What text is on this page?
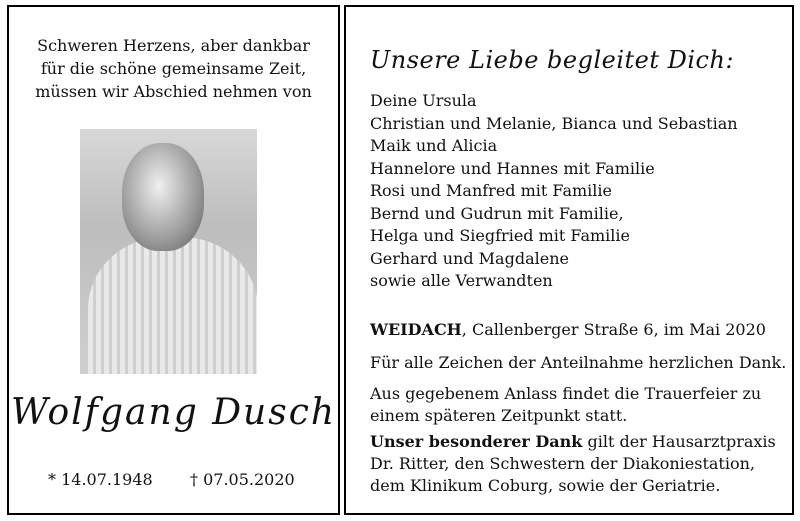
Schweren Herzens, aber dankbar
für die schöne gemeinsame Zeit,
müssen wir Abschied nehmen von
Wolfgang Dusch
* 14.07.1948 † 07.05.2020
Unsere Liebe begleitet Dich:
Deine Ursula
Christian und Melanie, Bianca und Sebastian
Maik und Alicia
Hannelore und Hannes mit Familie
Rosi und Manfred mit Familie
Bernd und Gudrun mit Familie,
Helga und Siegfried mit Familie
Gerhard und Magdalene
sowie alle Verwandten
WEIDACH, Callenberger Straße 6, im Mai 2020
Für alle Zeichen der Anteilnahme herzlichen Dank.
Aus gegebenem Anlass findet die Trauerfeier zu
einem späteren Zeitpunkt statt.
Unser besonderer Dank gilt der Hausarztpraxis
Dr. Ritter, den Schwestern der Diakoniestation,
dem Klinikum Coburg, sowie der Geriatrie.
